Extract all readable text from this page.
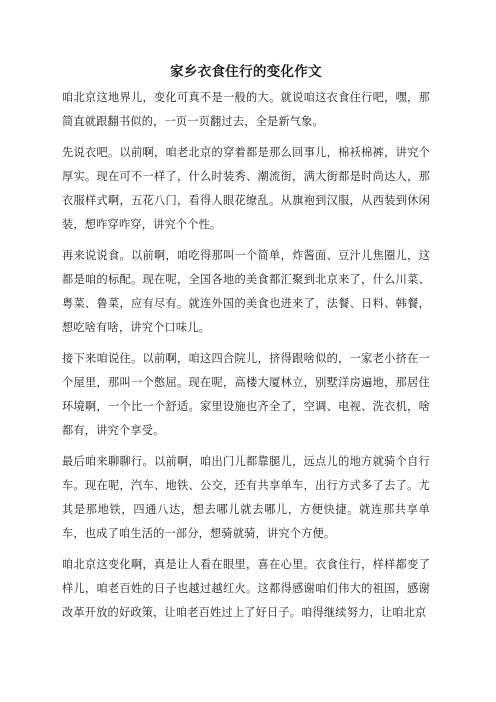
家乡衣食住行的变化作文

咱北京这地界儿，变化可真不是一般的大。就说咱这衣食住行吧，嘿，那简直就跟翻书似的，一页一页翻过去，全是新气象。

先说衣吧。以前啊，咱老北京的穿着都是那么回事儿，棉袄棉裤，讲究个厚实。现在可不一样了，什么时装秀、潮流街，满大街都是时尚达人，那衣服样式啊，五花八门，看得人眼花缭乱。从旗袍到汉服，从西装到休闲装，想咋穿咋穿，讲究个个性。

再来说说食。以前啊，咱吃得那叫一个简单，炸酱面、豆汁儿焦圈儿，这都是咱的标配。现在呢，全国各地的美食都汇聚到北京来了，什么川菜、粤菜、鲁菜，应有尽有。就连外国的美食也进来了，法餐、日料、韩餐，想吃啥有啥，讲究个口味儿。

接下来咱说住。以前啊，咱这四合院儿，挤得跟啥似的，一家老小挤在一个屋里，那叫一个憋屈。现在呢，高楼大厦林立，别墅洋房遍地，那居住环境啊，一个比一个舒适。家里设施也齐全了，空调、电视、洗衣机，啥都有，讲究个享受。

最后咱来聊聊行。以前啊，咱出门儿都靠腿儿，远点儿的地方就骑个自行车。现在呢，汽车、地铁、公交，还有共享单车，出行方式多了去了。尤其是那地铁，四通八达，想去哪儿就去哪儿，方便快捷。就连那共享单车，也成了咱生活的一部分，想骑就骑，讲究个方便。

咱北京这变化啊，真是让人看在眼里，喜在心里。衣食住行，样样都变了样儿，咱老百姓的日子也越过越红火。这都得感谢咱们伟大的祖国，感谢改革开放的好政策，让咱老百姓过上了好日子。咱得继续努力，让咱北京
